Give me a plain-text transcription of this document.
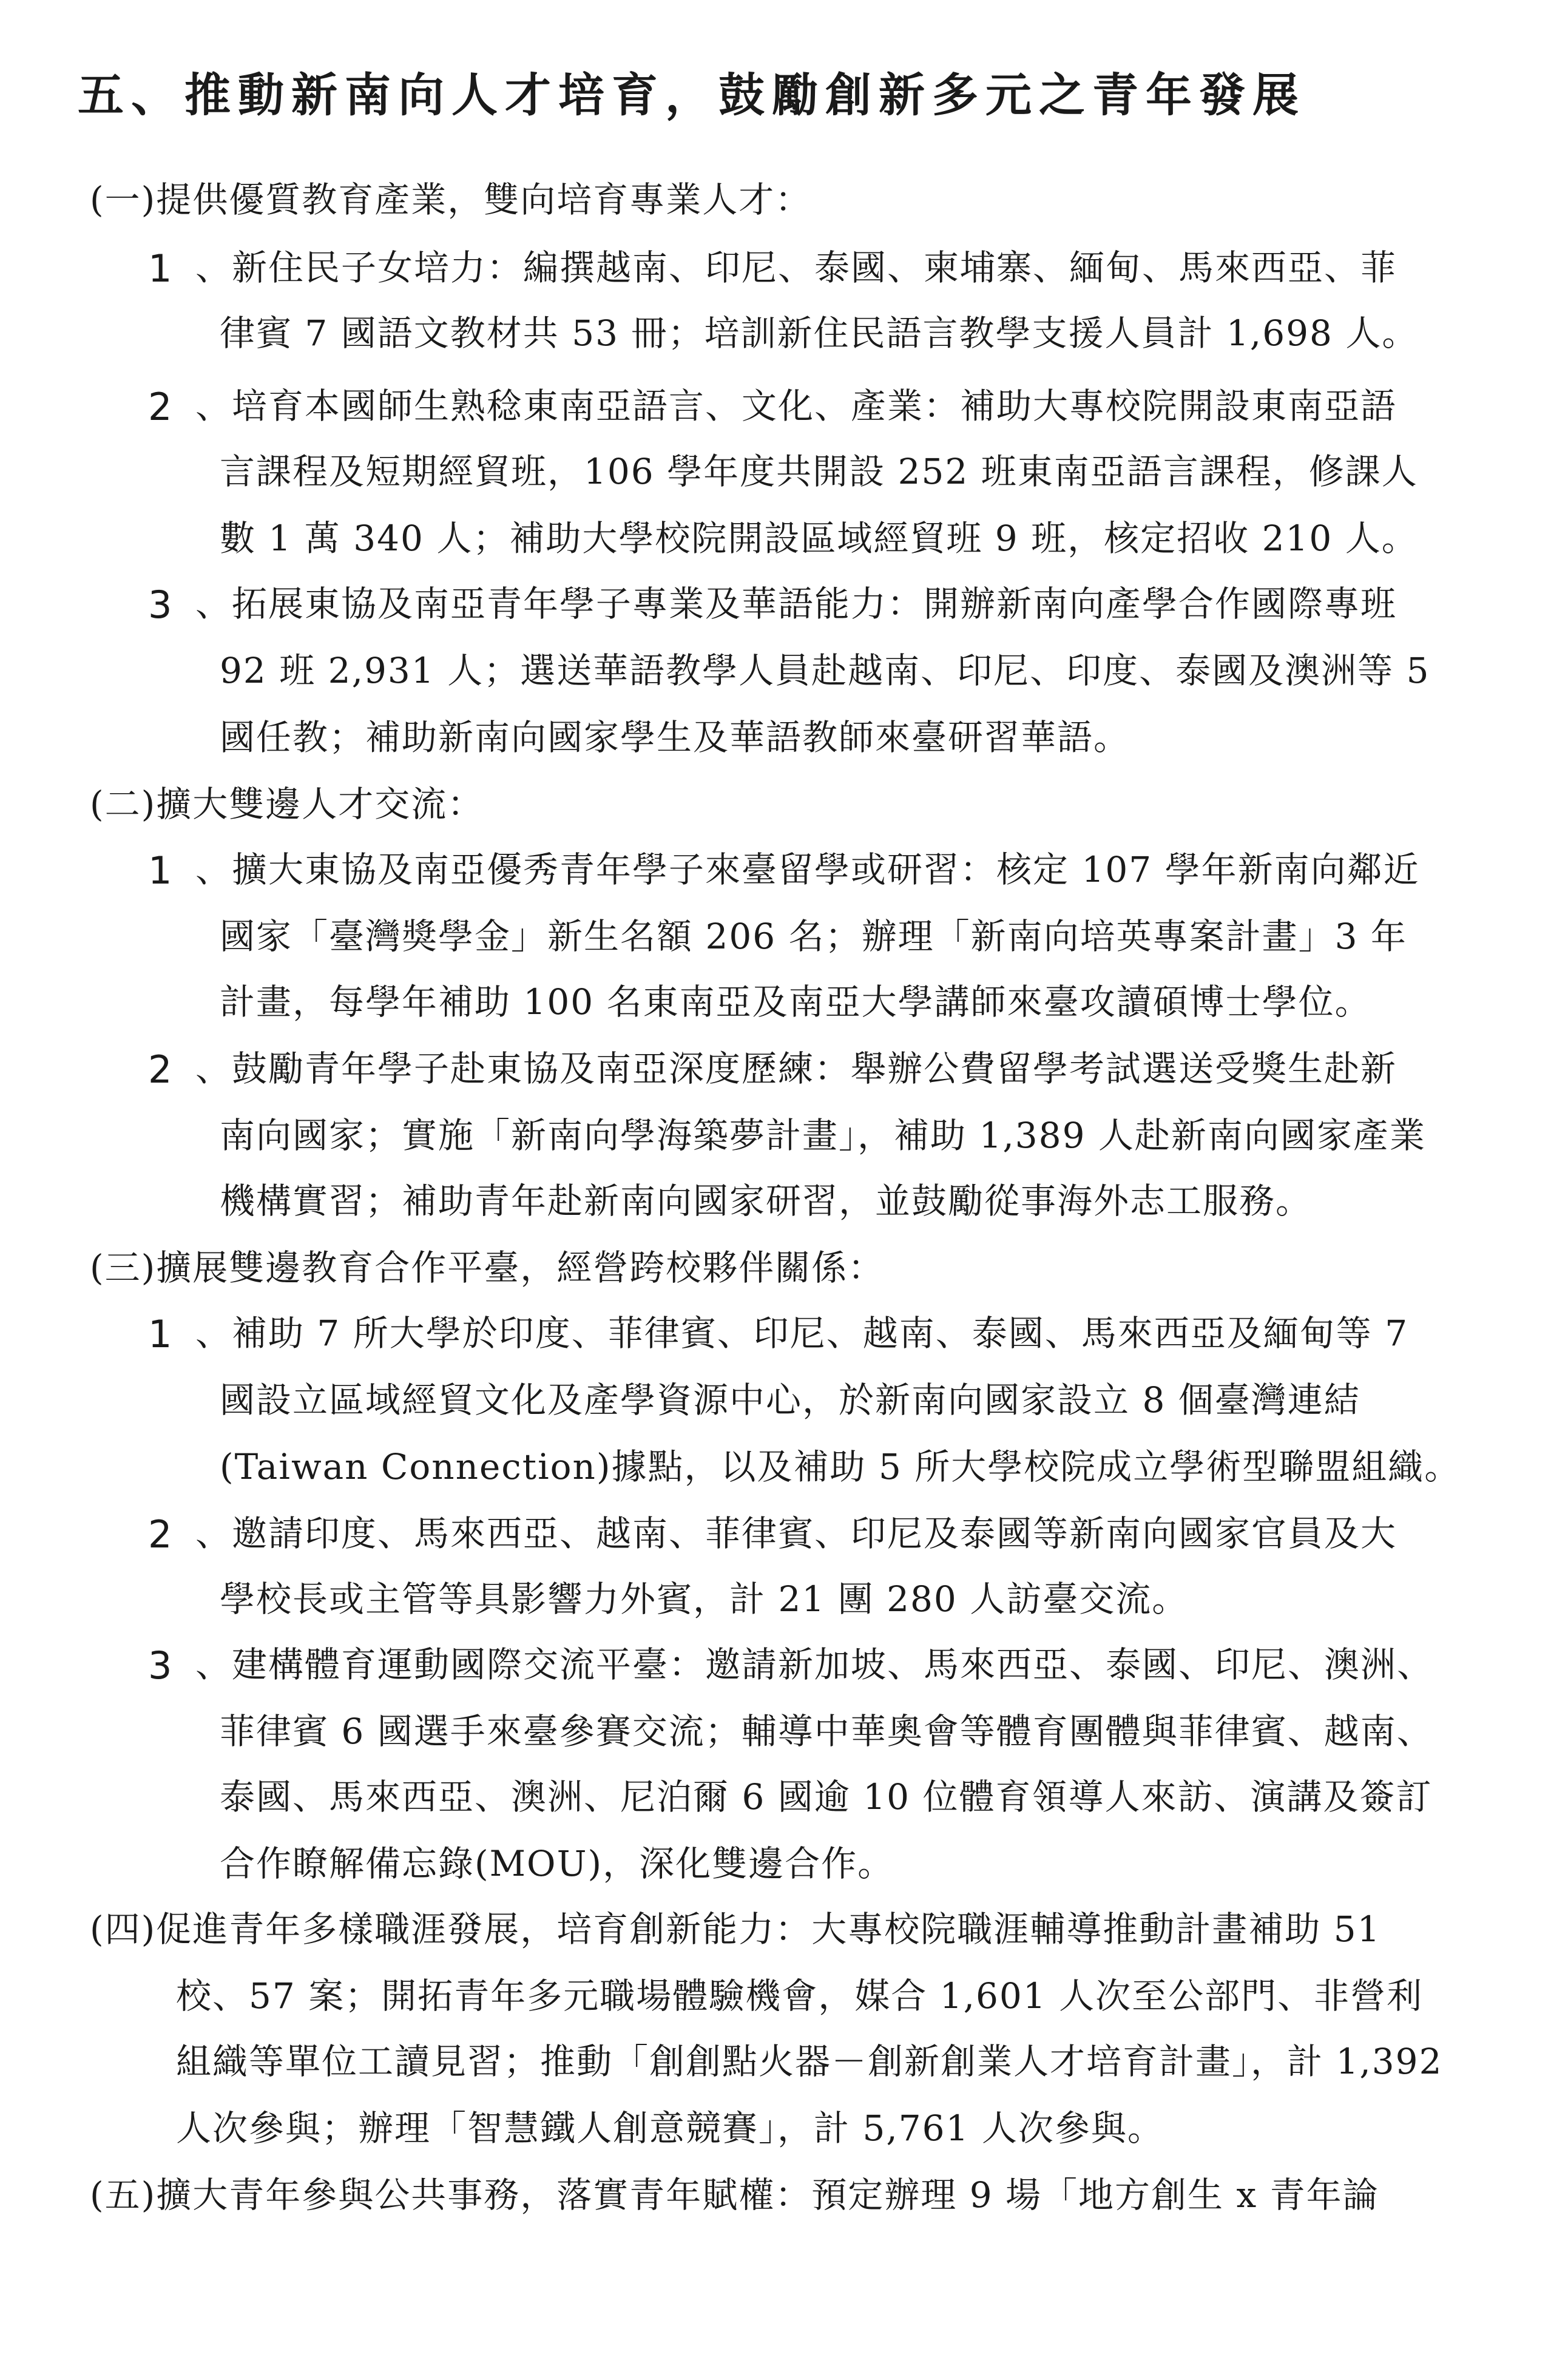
五、推動新南向人才培育，鼓勵創新多元之青年發展
(一)提供優質教育產業，雙向培育專業人才：
1 、新住民子女培力：編撰越南、印尼、泰國、柬埔寨、緬甸、馬來西亞、菲
律賓 7 國語文教材共 53 冊；培訓新住民語言教學支援人員計 1,698 人。
2 、培育本國師生熟稔東南亞語言、文化、產業：補助大專校院開設東南亞語
言課程及短期經貿班，106 學年度共開設 252 班東南亞語言課程，修課人
數 1 萬 340 人；補助大學校院開設區域經貿班 9 班，核定招收 210 人。
3 、拓展東協及南亞青年學子專業及華語能力：開辦新南向產學合作國際專班
92 班 2,931 人；選送華語教學人員赴越南、印尼、印度、泰國及澳洲等 5
國任教；補助新南向國家學生及華語教師來臺研習華語。
(二)擴大雙邊人才交流：
1 、擴大東協及南亞優秀青年學子來臺留學或研習：核定 107 學年新南向鄰近
國家「臺灣獎學金」新生名額 206 名；辦理「新南向培英專案計畫」3 年
計畫，每學年補助 100 名東南亞及南亞大學講師來臺攻讀碩博士學位。
2 、鼓勵青年學子赴東協及南亞深度歷練：舉辦公費留學考試選送受獎生赴新
南向國家；實施「新南向學海築夢計畫」，補助 1,389 人赴新南向國家產業
機構實習；補助青年赴新南向國家研習，並鼓勵從事海外志工服務。
(三)擴展雙邊教育合作平臺，經營跨校夥伴關係：
1 、補助 7 所大學於印度、菲律賓、印尼、越南、泰國、馬來西亞及緬甸等 7
國設立區域經貿文化及產學資源中心，於新南向國家設立 8 個臺灣連結
(Taiwan Connection)據點，以及補助 5 所大學校院成立學術型聯盟組織。
2 、邀請印度、馬來西亞、越南、菲律賓、印尼及泰國等新南向國家官員及大
學校長或主管等具影響力外賓，計 21 團 280 人訪臺交流。
3 、建構體育運動國際交流平臺：邀請新加坡、馬來西亞、泰國、印尼、澳洲、
菲律賓 6 國選手來臺參賽交流；輔導中華奧會等體育團體與菲律賓、越南、
泰國、馬來西亞、澳洲、尼泊爾 6 國逾 10 位體育領導人來訪、演講及簽訂
合作瞭解備忘錄(MOU)，深化雙邊合作。
(四)促進青年多樣職涯發展，培育創新能力：大專校院職涯輔導推動計畫補助 51
校、57 案；開拓青年多元職場體驗機會，媒合 1,601 人次至公部門、非營利
組織等單位工讀見習；推動「創創點火器－創新創業人才培育計畫」，計 1,392
人次參與；辦理「智慧鐵人創意競賽」，計 5,761 人次參與。
(五)擴大青年參與公共事務，落實青年賦權：預定辦理 9 場「地方創生 x 青年論
